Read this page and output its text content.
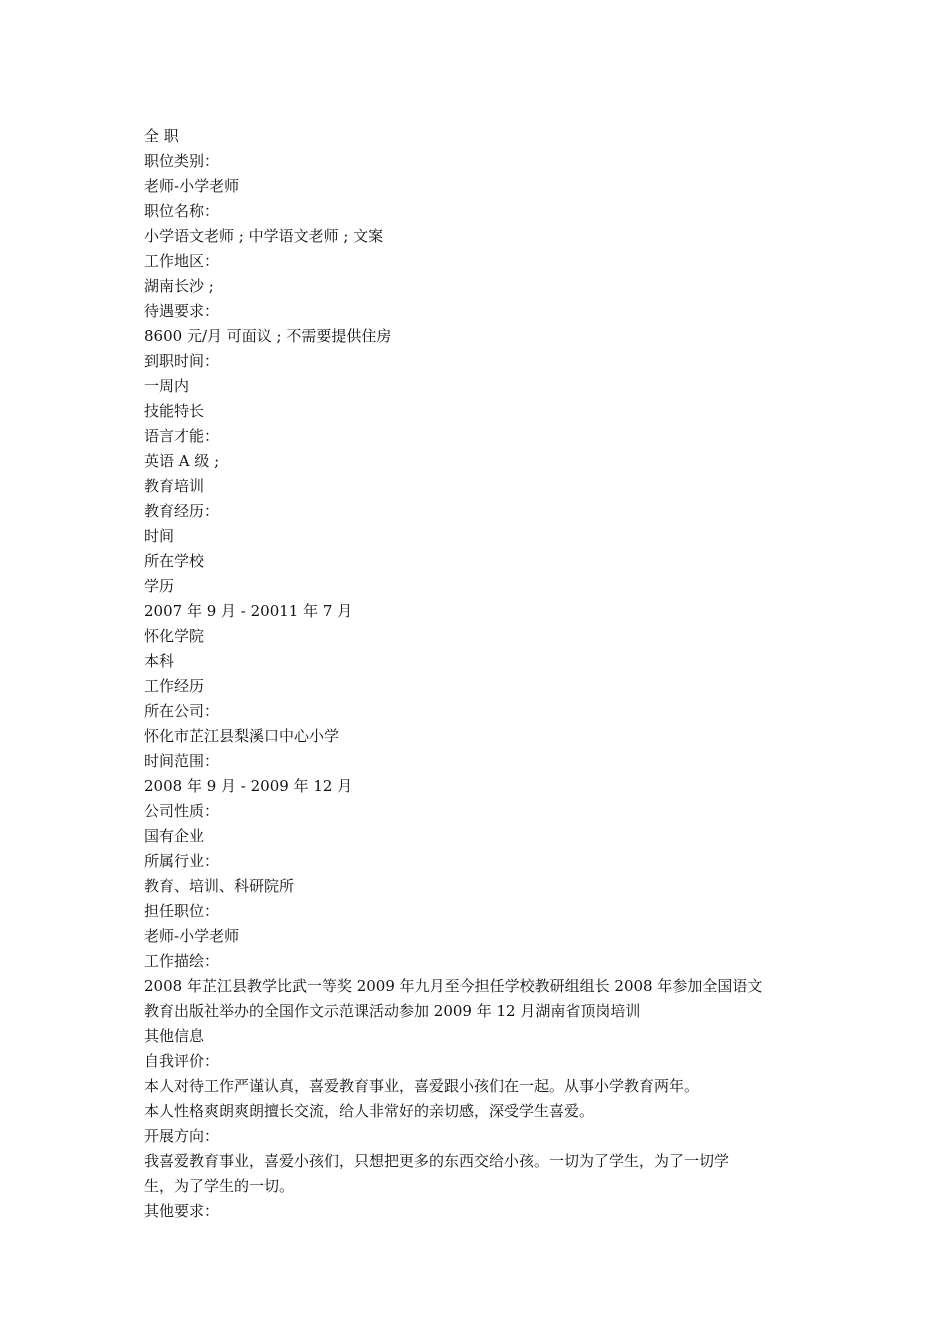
全 职
职位类别：
老师-小学老师
职位名称：
小学语文老师 ; 中学语文老师 ; 文案
工作地区：
湖南长沙 ;
待遇要求：
8600 元/月 可面议 ; 不需要提供住房
到职时间：
一周内
技能特长
语言才能：
英语 A 级 ;
教育培训
教育经历：
时间
所在学校
学历
2007 年 9 月 - 20011 年 7 月
怀化学院
本科
工作经历
所在公司：
怀化市芷江县梨溪口中心小学
时间范围：
2008 年 9 月 - 2009 年 12 月
公司性质：
国有企业
所属行业：
教育、培训、科研院所
担任职位：
老师-小学老师
工作描绘：
2008 年芷江县教学比武一等奖 2009 年九月至今担任学校教研组组长 2008 年参加全国语文
教育出版社举办的全国作文示范课活动参加 2009 年 12 月湖南省顶岗培训
其他信息
自我评价：
本人对待工作严谨认真，喜爱教育事业，喜爱跟小孩们在一起。从事小学教育两年。
本人性格爽朗爽朗擅长交流，给人非常好的亲切感，深受学生喜爱。
开展方向：
我喜爱教育事业，喜爱小孩们，只想把更多的东西交给小孩。一切为了学生，为了一切学
生，为了学生的一切。
其他要求：
